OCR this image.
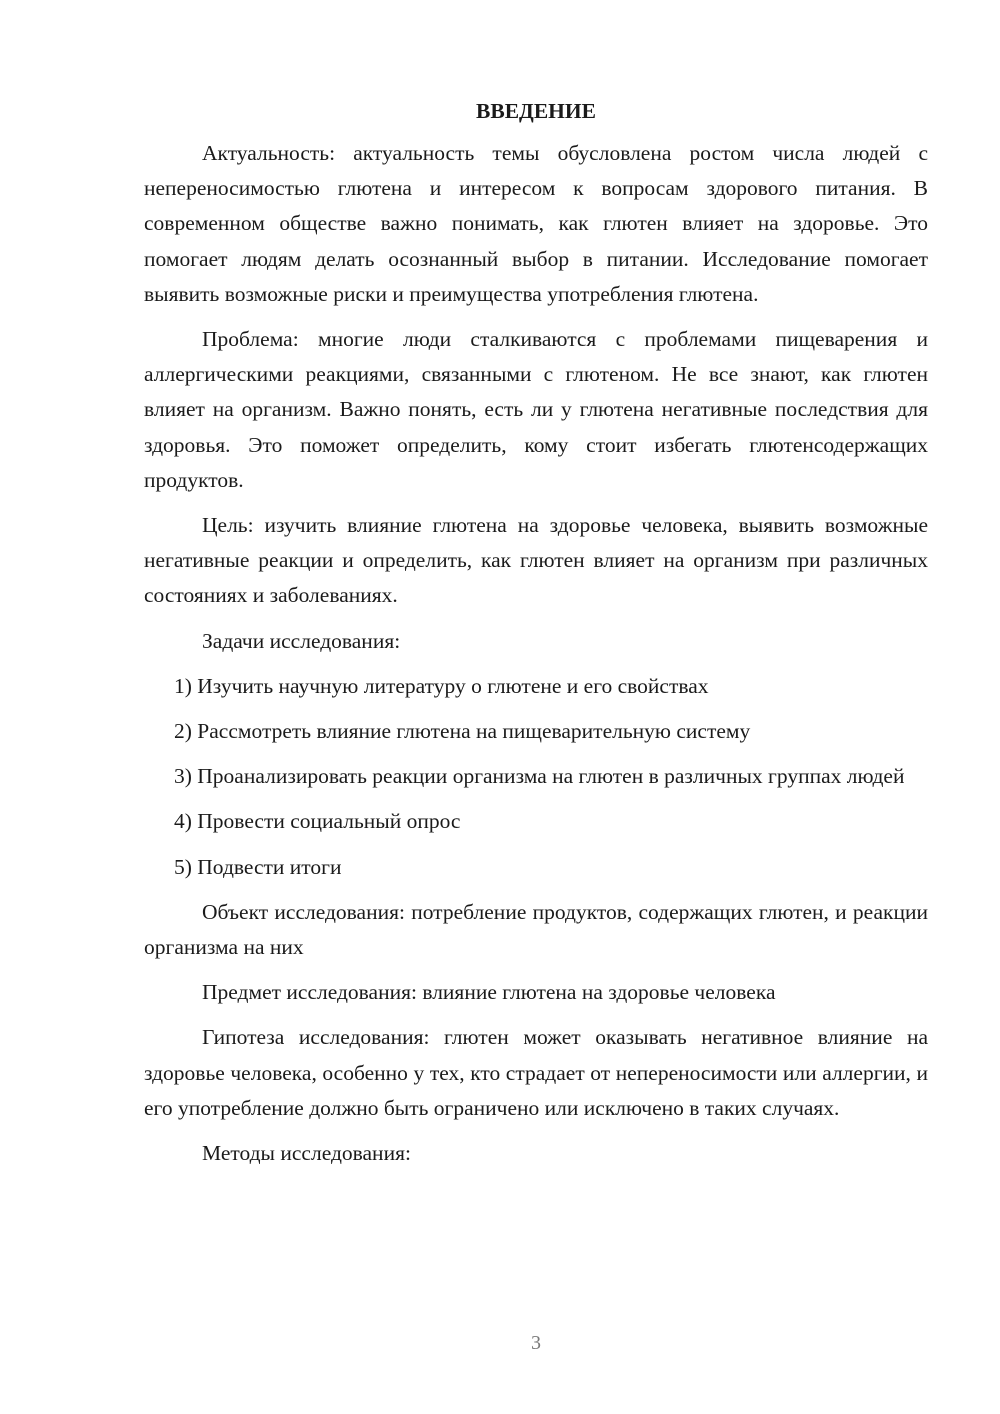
ВВЕДЕНИЕ

Актуальность: актуальность темы обусловлена ростом числа людей с непереносимостью глютена и интересом к вопросам здорового питания. В современном обществе важно понимать, как глютен влияет на здоровье. Это помогает людям делать осознанный выбор в питании. Исследование помогает выявить возможные риски и преимущества употребления глютена.

Проблема: многие люди сталкиваются с проблемами пищеварения и аллергическими реакциями, связанными с глютеном. Не все знают, как глютен влияет на организм. Важно понять, есть ли у глютена негативные последствия для здоровья. Это поможет определить, кому стоит избегать глютенсодержащих продуктов.

Цель: изучить влияние глютена на здоровье человека, выявить возможные негативные реакции и определить, как глютен влияет на организм при различных состояниях и заболеваниях.

Задачи исследования:

1) Изучить научную литературу о глютене и его свойствах

2) Рассмотреть влияние глютена на пищеварительную систему

3) Проанализировать реакции организма на глютен в различных группах людей

4) Провести социальный опрос

5) Подвести итоги

Объект исследования: потребление продуктов, содержащих глютен, и реакции организма на них

Предмет исследования: влияние глютена на здоровье человека

Гипотеза исследования: глютен может оказывать негативное влияние на здоровье человека, особенно у тех, кто страдает от непереносимости или аллергии, и его употребление должно быть ограничено или исключено в таких случаях.

Методы исследования:

3
